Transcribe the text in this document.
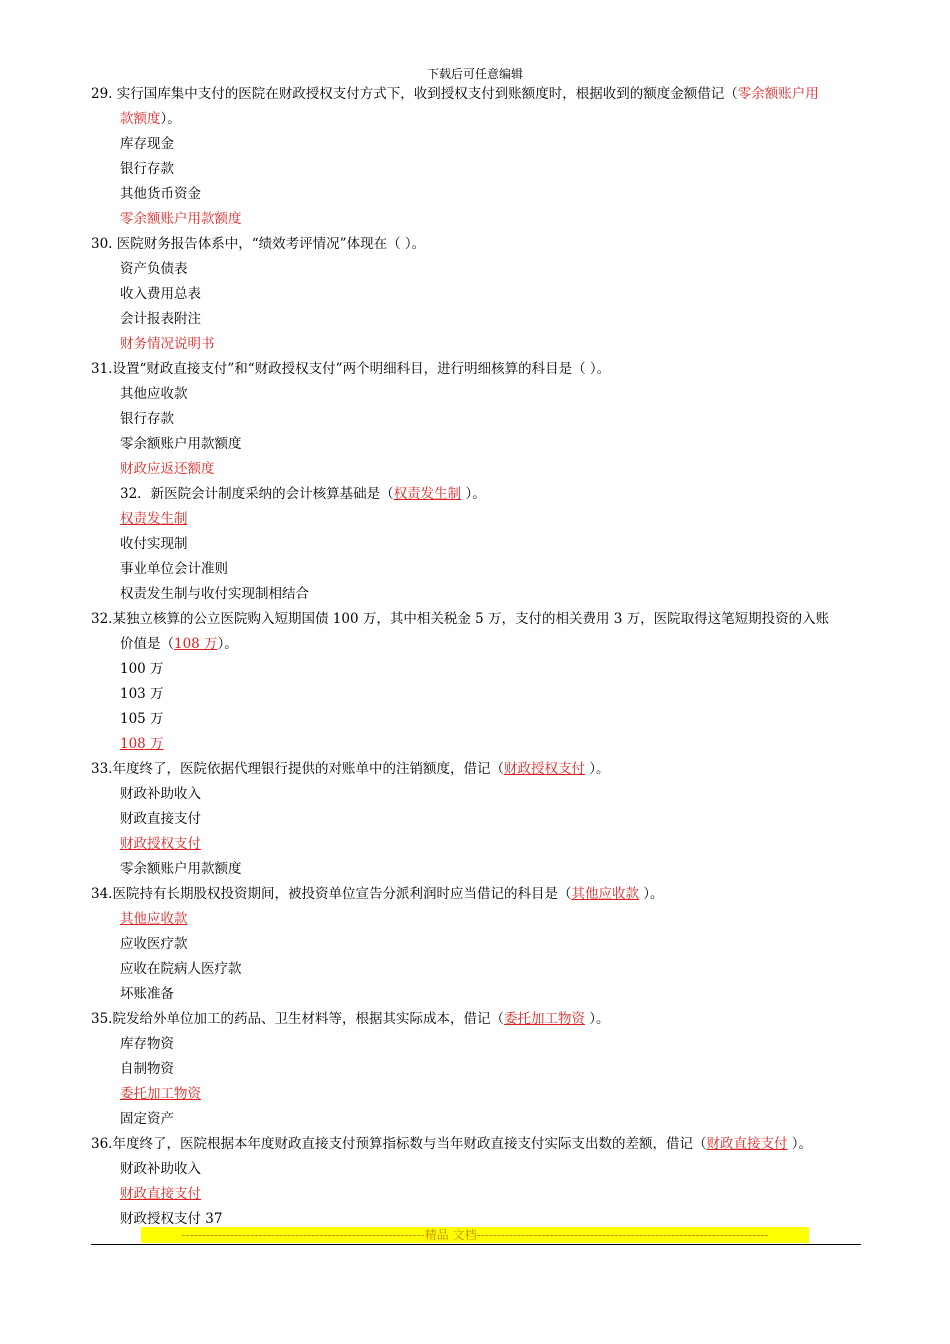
下载后可任意编辑
29. 实行国库集中支付的医院在财政授权支付方式下，收到授权支付到账额度时，根据收到的额度金额借记（零余额账户用
款额度）。
库存现金
银行存款
其他货币资金
零余额账户用款额度
30. 医院财务报告体系中，“绩效考评情况”体现在（ ）。
资产负债表
收入费用总表
会计报表附注
财务情况说明书
31.设置“财政直接支付”和“财政授权支付”两个明细科目，进行明细核算的科目是（ ）。
其他应收款
银行存款
零余额账户用款额度
财政应返还额度
32．新医院会计制度采纳的会计核算基础是（权责发生制 ）。
权责发生制
收付实现制
事业单位会计准则
权责发生制与收付实现制相结合
32.某独立核算的公立医院购入短期国债 100 万，其中相关税金 5 万，支付的相关费用 3 万，医院取得这笔短期投资的入账
价值是（108 万）。
100 万
103 万
105 万
108 万
33.年度终了，医院依据代理银行提供的对账单中的注销额度，借记（财政授权支付 ）。
财政补助收入
财政直接支付
财政授权支付
零余额账户用款额度
34.医院持有长期股权投资期间，被投资单位宣告分派利润时应当借记的科目是（其他应收款 ）。
其他应收款
应收医疗款
应收在院病人医疗款
坏账准备
35.院发给外单位加工的药品、卫生材料等，根据其实际成本，借记（委托加工物资 ）。
库存物资
自制物资
委托加工物资
固定资产
36.年度终了，医院根据本年度财政直接支付预算指标数与当年财政直接支付实际支出数的差额，借记（财政直接支付 ）。
财政补助收入
财政直接支付
财政授权支付 37
------------------------------------------------------------精品 文档------------------------------------------------------------------------
